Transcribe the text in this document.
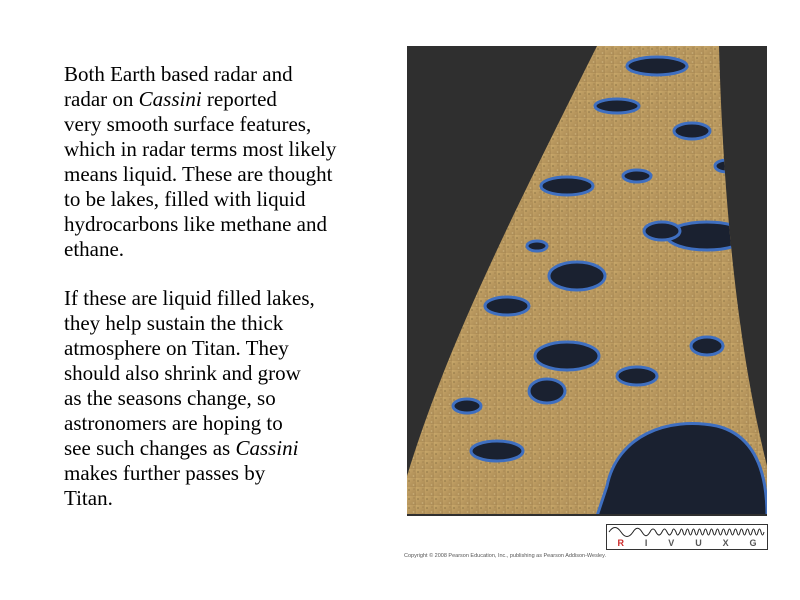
Both Earth based radar and
radar on Cassini reported
very smooth surface features,
which in radar terms most likely
means liquid. These are thought
to be lakes, filled with liquid
hydrocarbons like methane and
ethane.

If these are liquid filled lakes,
they help sustain the thick
atmosphere on Titan. They
should also shrink and grow
as the seasons change, so
astronomers are hoping to
see such changes as Cassini
makes further passes by
Titan.

R I V U X G
Copyright © 2008 Pearson Education, Inc., publishing as Pearson Addison-Wesley.
